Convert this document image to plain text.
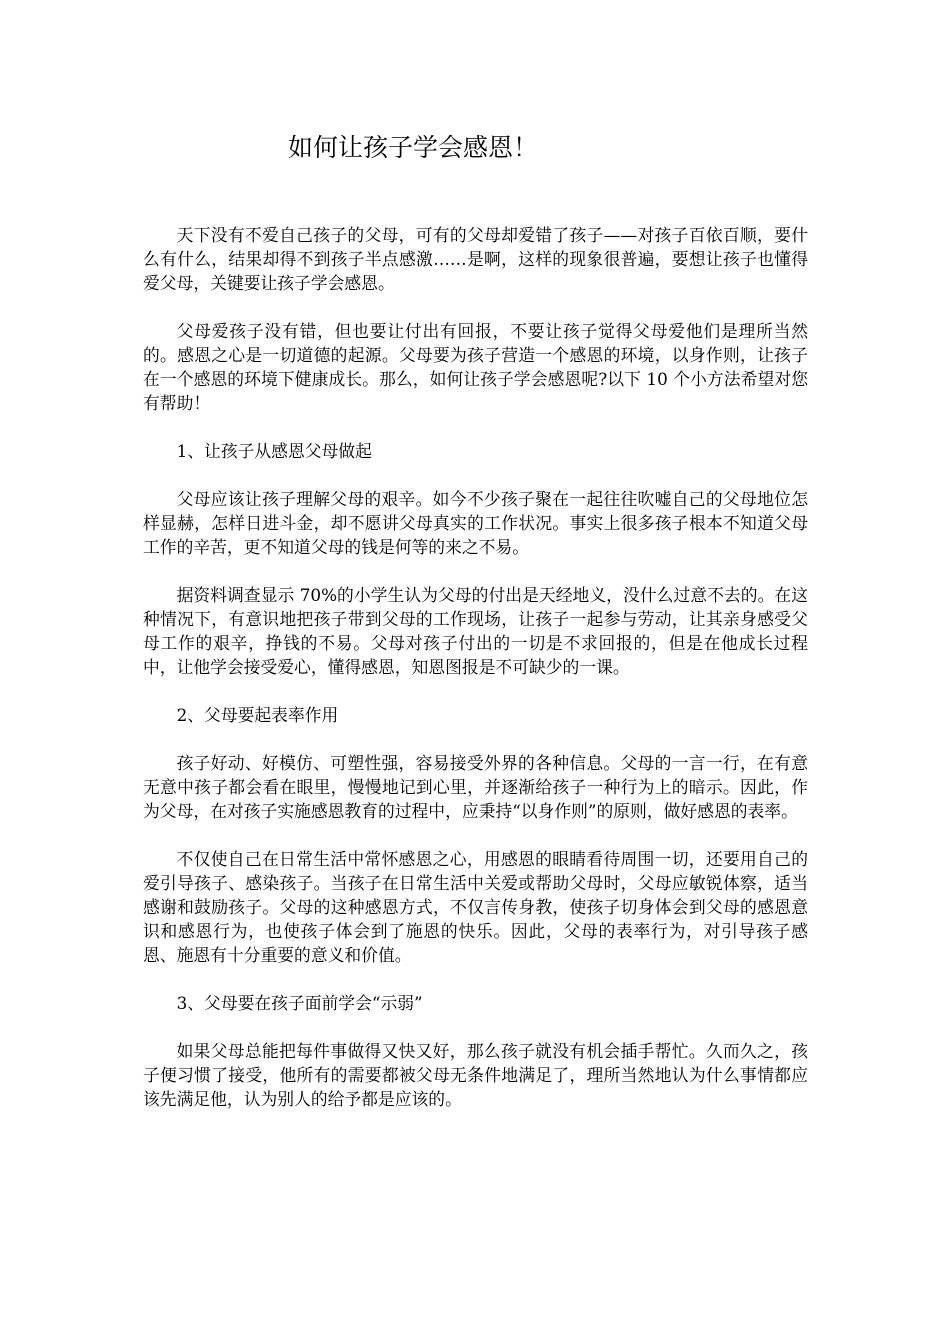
如何让孩子学会感恩！

天下没有不爱自己孩子的父母，可有的父母却爱错了孩子——对孩子百依百顺，要什么有什么，结果却得不到孩子半点感激……是啊，这样的现象很普遍，要想让孩子也懂得爱父母，关键要让孩子学会感恩。

父母爱孩子没有错，但也要让付出有回报，不要让孩子觉得父母爱他们是理所当然的。感恩之心是一切道德的起源。父母要为孩子营造一个感恩的环境，以身作则，让孩子在一个感恩的环境下健康成长。那么，如何让孩子学会感恩呢?以下 10 个小方法希望对您有帮助！

1、让孩子从感恩父母做起

父母应该让孩子理解父母的艰辛。如今不少孩子聚在一起往往吹嘘自己的父母地位怎样显赫，怎样日进斗金，却不愿讲父母真实的工作状况。事实上很多孩子根本不知道父母工作的辛苦，更不知道父母的钱是何等的来之不易。

据资料调查显示 70%的小学生认为父母的付出是天经地义，没什么过意不去的。在这种情况下，有意识地把孩子带到父母的工作现场，让孩子一起参与劳动，让其亲身感受父母工作的艰辛，挣钱的不易。父母对孩子付出的一切是不求回报的，但是在他成长过程中，让他学会接受爱心，懂得感恩，知恩图报是不可缺少的一课。

2、父母要起表率作用

孩子好动、好模仿、可塑性强，容易接受外界的各种信息。父母的一言一行，在有意无意中孩子都会看在眼里，慢慢地记到心里，并逐渐给孩子一种行为上的暗示。因此，作为父母，在对孩子实施感恩教育的过程中，应秉持“以身作则”的原则，做好感恩的表率。

不仅使自己在日常生活中常怀感恩之心，用感恩的眼睛看待周围一切，还要用自己的爱引导孩子、感染孩子。当孩子在日常生活中关爱或帮助父母时，父母应敏锐体察，适当感谢和鼓励孩子。父母的这种感恩方式，不仅言传身教，使孩子切身体会到父母的感恩意识和感恩行为，也使孩子体会到了施恩的快乐。因此，父母的表率行为，对引导孩子感恩、施恩有十分重要的意义和价值。

3、父母要在孩子面前学会“示弱”

如果父母总能把每件事做得又快又好，那么孩子就没有机会插手帮忙。久而久之，孩子便习惯了接受，他所有的需要都被父母无条件地满足了，理所当然地认为什么事情都应该先满足他，认为别人的给予都是应该的。
